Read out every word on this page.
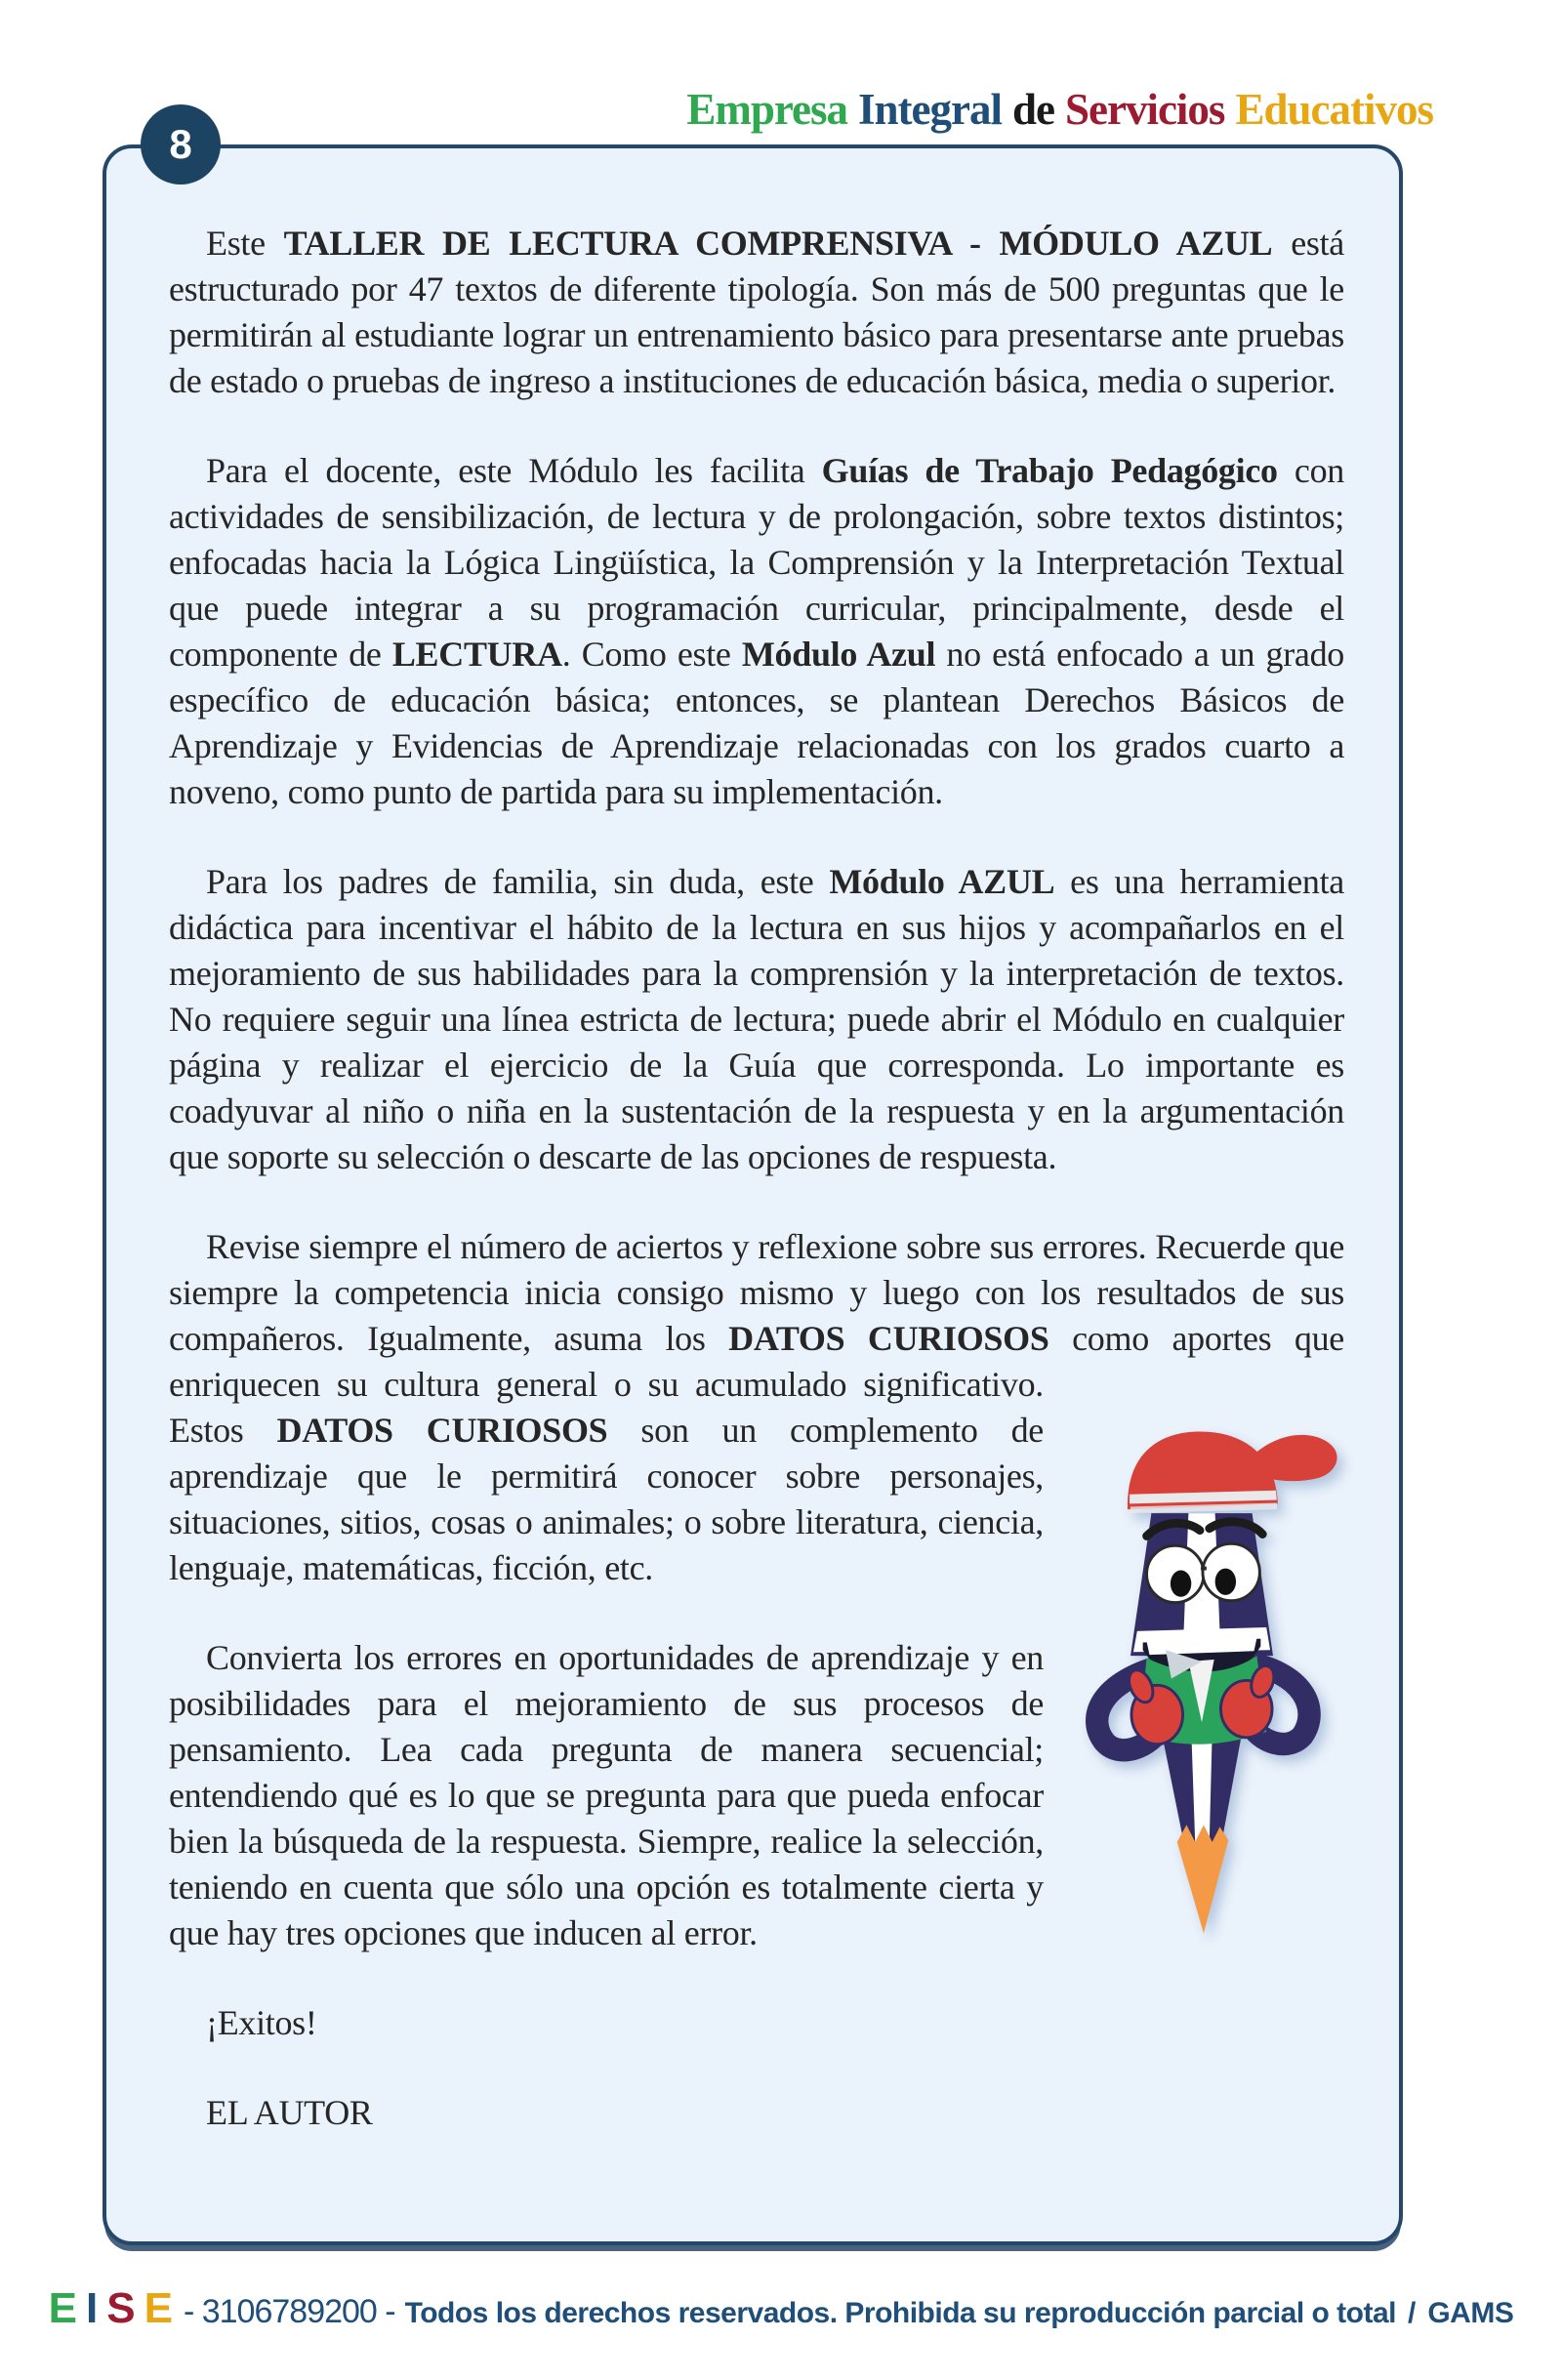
Empresa Integral de Servicios Educativos
8

Este TALLER DE LECTURA COMPRENSIVA - MÓDULO AZUL está estructurado por 47 textos de diferente tipología. Son más de 500 preguntas que le permitirán al estudiante lograr un entrenamiento básico para presentarse ante pruebas de estado o pruebas de ingreso a instituciones de educación básica, media o superior.

Para el docente, este Módulo les facilita Guías de Trabajo Pedagógico con actividades de sensibilización, de lectura y de prolongación, sobre textos distintos; enfocadas hacia la Lógica Lingüística, la Comprensión y la Interpretación Textual que puede integrar a su programación curricular, principalmente, desde el componente de LECTURA. Como este Módulo Azul no está enfocado a un grado específico de educación básica; entonces, se plantean Derechos Básicos de Aprendizaje y Evidencias de Aprendizaje relacionadas con los grados cuarto a noveno, como punto de partida para su implementación.

Para los padres de familia, sin duda, este Módulo AZUL es una herramienta didáctica para incentivar el hábito de la lectura en sus hijos y acompañarlos en el mejoramiento de sus habilidades para la comprensión y la interpretación de textos. No requiere seguir una línea estricta de lectura; puede abrir el Módulo en cualquier página y realizar el ejercicio de la Guía que corresponda. Lo importante es coadyuvar al niño o niña en la sustentación de la respuesta y en la argumentación que soporte su selección o descarte de las opciones de respuesta.

Revise siempre el número de aciertos y reflexione sobre sus errores. Recuerde que siempre la competencia inicia consigo mismo y luego con los resultados de sus compañeros. Igualmente, asuma los DATOS CURIOSOS como aportes que enriquecen su cultura general o su acumulado significativo.
Estos DATOS CURIOSOS son un complemento de aprendizaje que le permitirá conocer sobre personajes, situaciones, sitios, cosas o animales; o sobre literatura, ciencia, lenguaje, matemáticas, ficción, etc.

Convierta los errores en oportunidades de aprendizaje y en posibilidades para el mejoramiento de sus procesos de pensamiento. Lea cada pregunta de manera secuencial; entendiendo qué es lo que se pregunta para que pueda enfocar bien la búsqueda de la respuesta. Siempre, realice la selección, teniendo en cuenta que sólo una opción es totalmente cierta y que hay tres opciones que inducen al error.

¡Exitos!

EL AUTOR

E I S E - 3106789200 - Todos los derechos reservados. Prohibida su reproducción parcial o total / GAMS
